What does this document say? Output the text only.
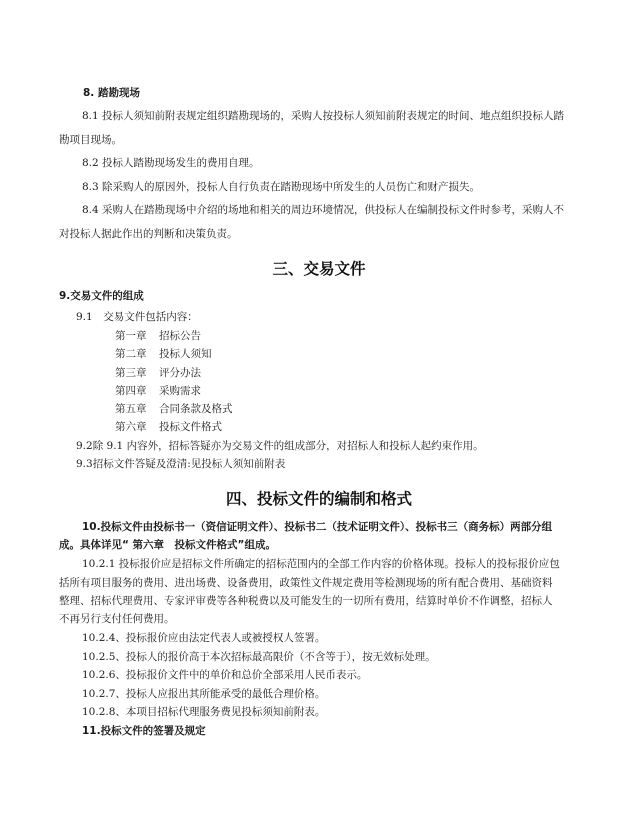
8. 踏勘现场
8.1 投标人须知前附表规定组织踏勘现场的，采购人按投标人须知前附表规定的时间、地点组织投标人踏
勘项目现场。
8.2 投标人踏勘现场发生的费用自理。
8.3 除采购人的原因外，投标人自行负责在踏勘现场中所发生的人员伤亡和财产损失。
8.4 采购人在踏勘现场中介绍的场地和相关的周边环境情况，供投标人在编制投标文件时参考，采购人不
对投标人据此作出的判断和决策负责。
三、交易文件
9.交易文件的组成
9.1　交易文件包括内容：
第一章 招标公告
第二章 投标人须知
第三章 评分办法
第四章 采购需求
第五章 合同条款及格式
第六章 投标文件格式
9.2除 9.1 内容外，招标答疑亦为交易文件的组成部分，对招标人和投标人起约束作用。
9.3招标文件答疑及澄清:见投标人须知前附表
四、投标文件的编制和格式
10.投标文件由投标书一（资信证明文件）、投标书二（技术证明文件）、投标书三（商务标）两部分组
成。具体详见“ 第六章　投标文件格式”组成。
10.2.1 投标报价应是招标文件所确定的招标范围内的全部工作内容的价格体现。投标人的投标报价应包
括所有项目服务的费用、进出场费、设备费用，政策性文件规定费用等检测现场的所有配合费用、基础资料
整理、招标代理费用、专家评审费等各种税费以及可能发生的一切所有费用，结算时单价不作调整，招标人
不再另行支付任何费用。
10.2.4、投标报价应由法定代表人或被授权人签署。
10.2.5、投标人的报价高于本次招标最高限价（不含等于），按无效标处理。
10.2.6、投标报价文件中的单价和总价全部采用人民币表示。
10.2.7、投标人应报出其所能承受的最低合理价格。
10.2.8、本项目招标代理服务费见投标须知前附表。
11.投标文件的签署及规定
